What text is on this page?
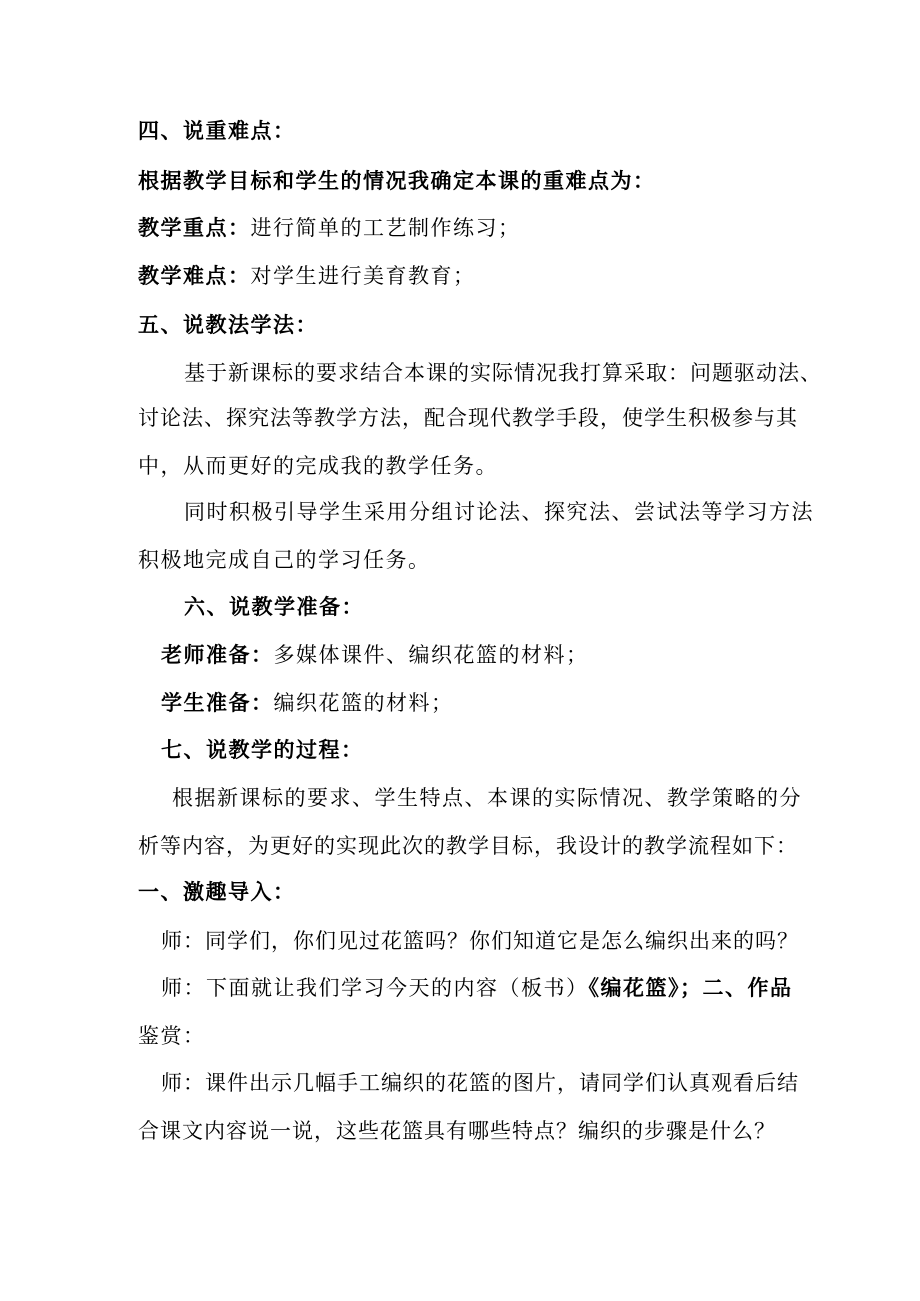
四、说重难点：
根据教学目标和学生的情况我确定本课的重难点为：
教学重点：进行简单的工艺制作练习；
教学难点：对学生进行美育教育；
五、说教法学法：
基于新课标的要求结合本课的实际情况我打算采取：问题驱动法、
讨论法、探究法等教学方法，配合现代教学手段，使学生积极参与其
中，从而更好的完成我的教学任务。
同时积极引导学生采用分组讨论法、探究法、尝试法等学习方法
积极地完成自己的学习任务。
六、说教学准备：
老师准备：多媒体课件、编织花篮的材料；
学生准备：编织花篮的材料；
七、说教学的过程：
根据新课标的要求、学生特点、本课的实际情况、教学策略的分
析等内容，为更好的实现此次的教学目标，我设计的教学流程如下：
一、激趣导入：
师：同学们，你们见过花篮吗？你们知道它是怎么编织出来的吗？
师：下面就让我们学习今天的内容（板书）《编花篮》；二、作品
鉴赏：
师：课件出示几幅手工编织的花篮的图片，请同学们认真观看后结
合课文内容说一说，这些花篮具有哪些特点？编织的步骤是什么？
